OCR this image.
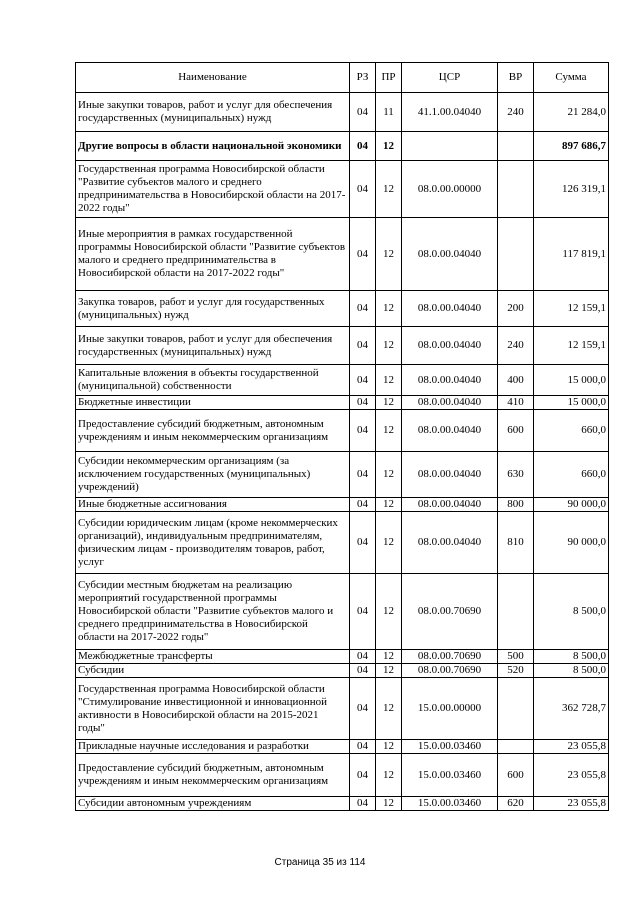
Наименование	РЗ	ПР	ЦСР	ВР	Сумма
Иные закупки товаров, работ и услуг для обеспечения государственных (муниципальных) нужд	04	11	41.1.00.04040	240	21 284,0
Другие вопросы в области национальной экономики	04	12			897 686,7
Государственная программа Новосибирской области "Развитие субъектов малого и среднего предпринимательства в Новосибирской области на 2017-2022 годы"	04	12	08.0.00.00000		126 319,1
Иные мероприятия в рамках государственной программы Новосибирской области "Развитие субъектов малого и среднего предпринимательства в Новосибирской области на 2017-2022 годы"	04	12	08.0.00.04040		117 819,1
Закупка товаров, работ и услуг для государственных (муниципальных) нужд	04	12	08.0.00.04040	200	12 159,1
Иные закупки товаров, работ и услуг для обеспечения государственных (муниципальных) нужд	04	12	08.0.00.04040	240	12 159,1
Капитальные вложения в объекты государственной (муниципальной) собственности	04	12	08.0.00.04040	400	15 000,0
Бюджетные инвестиции	04	12	08.0.00.04040	410	15 000,0
Предоставление субсидий бюджетным, автономным учреждениям и иным некоммерческим организациям	04	12	08.0.00.04040	600	660,0
Субсидии некоммерческим организациям (за исключением государственных (муниципальных) учреждений)	04	12	08.0.00.04040	630	660,0
Иные бюджетные ассигнования	04	12	08.0.00.04040	800	90 000,0
Субсидии юридическим лицам (кроме некоммерческих организаций), индивидуальным предпринимателям, физическим лицам - производителям товаров, работ, услуг	04	12	08.0.00.04040	810	90 000,0
Субсидии местным бюджетам на реализацию мероприятий государственной программы Новосибирской области "Развитие субъектов малого и среднего предпринимательства в Новосибирской области на 2017-2022 годы"	04	12	08.0.00.70690		8 500,0
Межбюджетные трансферты	04	12	08.0.00.70690	500	8 500,0
Субсидии	04	12	08.0.00.70690	520	8 500,0
Государственная программа Новосибирской области "Стимулирование инвестиционной и инновационной активности в Новосибирской области на 2015-2021 годы"	04	12	15.0.00.00000		362 728,7
Прикладные научные исследования и разработки	04	12	15.0.00.03460		23 055,8
Предоставление субсидий бюджетным, автономным учреждениям и иным некоммерческим организациям	04	12	15.0.00.03460	600	23 055,8
Субсидии автономным учреждениям	04	12	15.0.00.03460	620	23 055,8
Страница 35 из 114
